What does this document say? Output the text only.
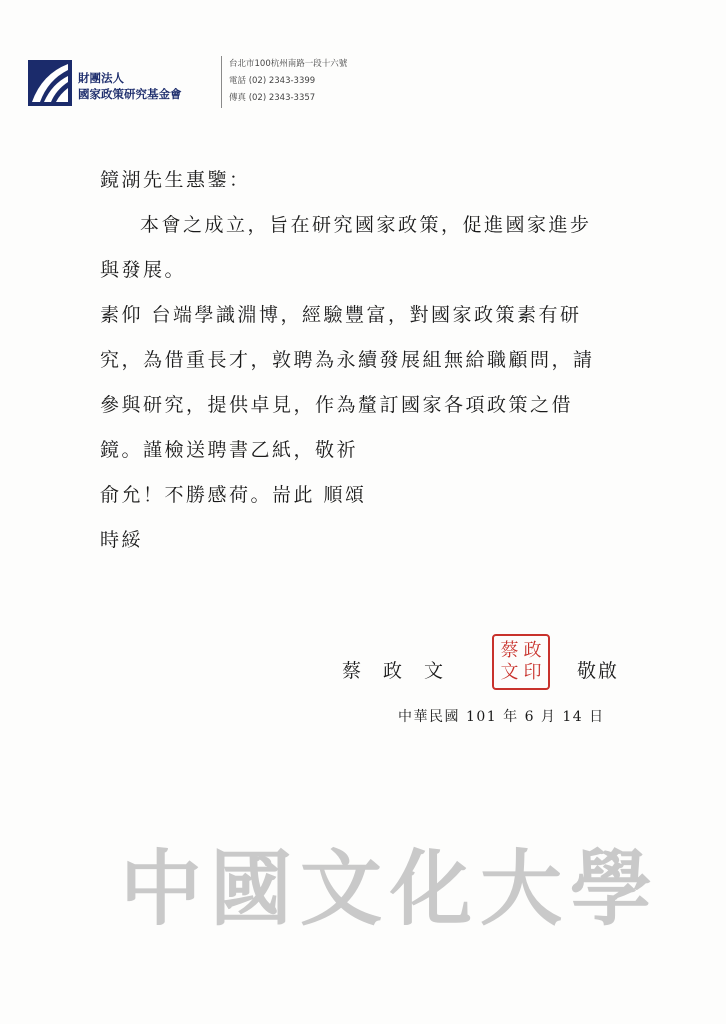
財團法人
國家政策研究基金會
台北市100杭州南路一段十六號
電話 (02) 2343-3399
傳真 (02) 2343-3357
鏡湖先生惠鑒：
本會之成立，旨在研究國家政策，促進國家進步
與發展。
素仰 台端學識淵博，經驗豐富，對國家政策素有研
究，為借重長才，敦聘為永續發展組無給職顧問，請
參與研究，提供卓見，作為釐訂國家各項政策之借
鏡。謹檢送聘書乙紙，敬祈
俞允！不勝感荷。耑此 順頌
時綏
蔡政文
蔡 政
文 印 敬啟
中華民國 101 年 6 月 14 日
中國文化大學
